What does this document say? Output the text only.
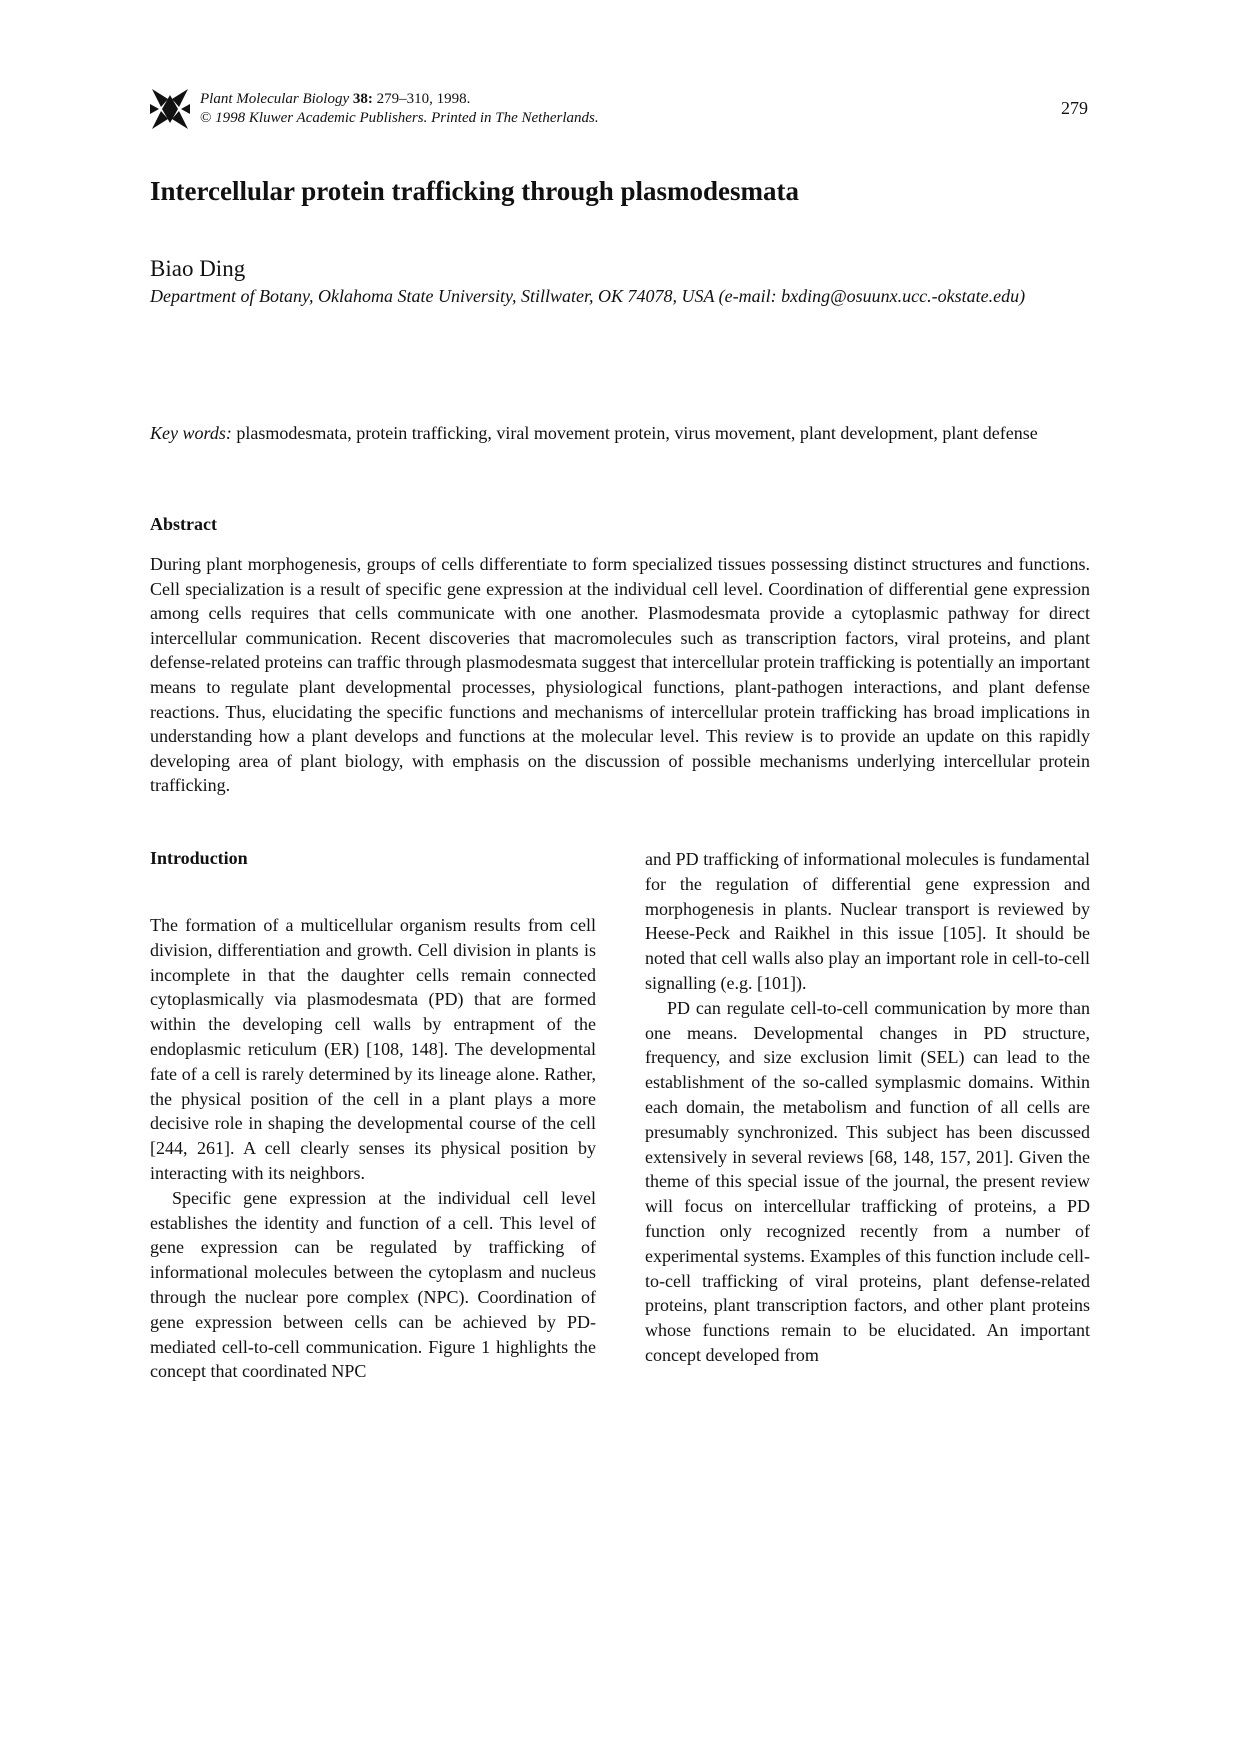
Plant Molecular Biology 38: 279–310, 1998.
© 1998 Kluwer Academic Publishers. Printed in The Netherlands.	279
Intercellular protein trafficking through plasmodesmata
Biao Ding
Department of Botany, Oklahoma State University, Stillwater, OK 74078, USA (e-mail: bxding@osuunx.ucc.-okstate.edu)
Key words: plasmodesmata, protein trafficking, viral movement protein, virus movement, plant development, plant defense
Abstract

During plant morphogenesis, groups of cells differentiate to form specialized tissues possessing distinct structures and functions. Cell specialization is a result of specific gene expression at the individual cell level. Coordination of differential gene expression among cells requires that cells communicate with one another. Plasmodesmata provide a cytoplasmic pathway for direct intercellular communication. Recent discoveries that macromolecules such as transcription factors, viral proteins, and plant defense-related proteins can traffic through plasmodesmata suggest that intercellular protein trafficking is potentially an important means to regulate plant developmental processes, physiological functions, plant-pathogen interactions, and plant defense reactions. Thus, elucidating the specific functions and mechanisms of intercellular protein trafficking has broad implications in understanding how a plant develops and functions at the molecular level. This review is to provide an update on this rapidly developing area of plant biology, with emphasis on the discussion of possible mechanisms underlying intercellular protein trafficking.

Introduction

The formation of a multicellular organism results from cell division, differentiation and growth. Cell division in plants is incomplete in that the daughter cells remain connected cytoplasmically via plasmodesmata (PD) that are formed within the developing cell walls by entrapment of the endoplasmic reticulum (ER) [108, 148]. The developmental fate of a cell is rarely determined by its lineage alone. Rather, the physical position of the cell in a plant plays a more decisive role in shaping the developmental course of the cell [244, 261]. A cell clearly senses its physical position by interacting with its neighbors.

Specific gene expression at the individual cell level establishes the identity and function of a cell. This level of gene expression can be regulated by trafficking of informational molecules between the cytoplasm and nucleus through the nuclear pore complex (NPC). Coordination of gene expression between cells can be achieved by PD-mediated cell-to-cell communication. Figure 1 highlights the concept that coordinated NPC

and PD trafficking of informational molecules is fundamental for the regulation of differential gene expression and morphogenesis in plants. Nuclear transport is reviewed by Heese-Peck and Raikhel in this issue [105]. It should be noted that cell walls also play an important role in cell-to-cell signalling (e.g. [101]).

PD can regulate cell-to-cell communication by more than one means. Developmental changes in PD structure, frequency, and size exclusion limit (SEL) can lead to the establishment of the so-called symplasmic domains. Within each domain, the metabolism and function of all cells are presumably synchronized. This subject has been discussed extensively in several reviews [68, 148, 157, 201]. Given the theme of this special issue of the journal, the present review will focus on intercellular trafficking of proteins, a PD function only recognized recently from a number of experimental systems. Examples of this function include cell-to-cell trafficking of viral proteins, plant defense-related proteins, plant transcription factors, and other plant proteins whose functions remain to be elucidated. An important concept developed from
